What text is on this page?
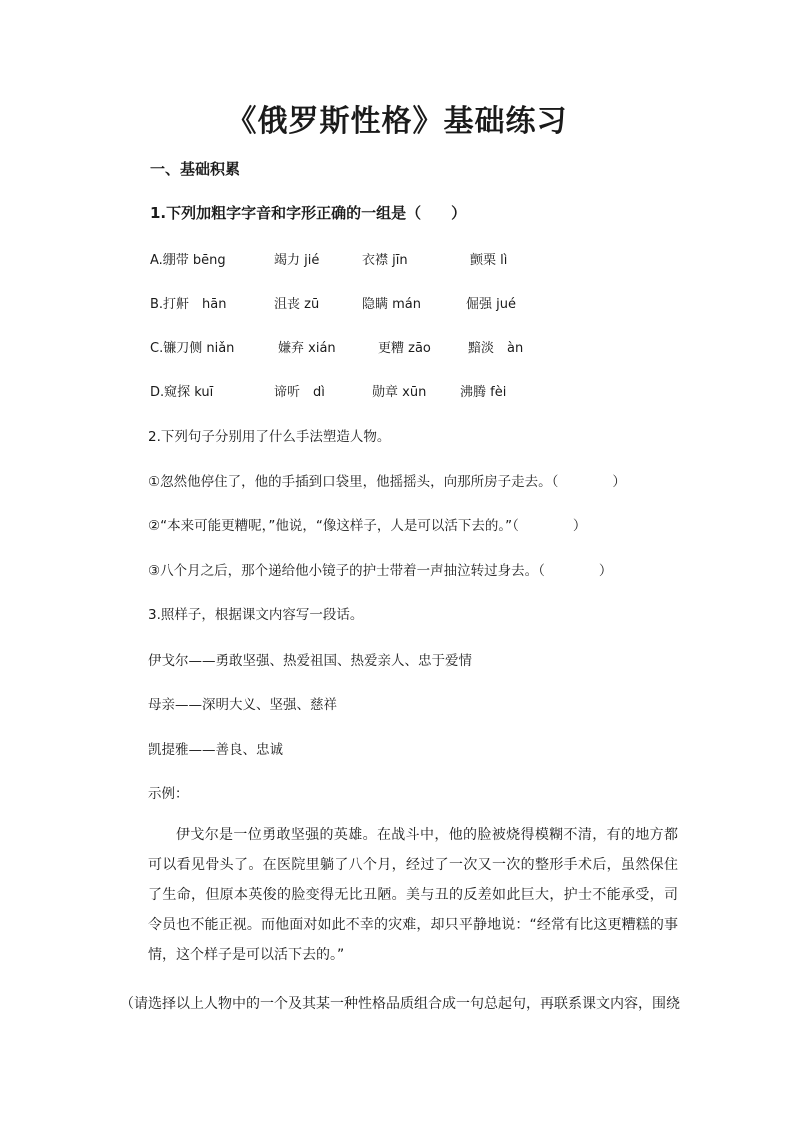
《俄罗斯性格》基础练习
一、基础积累
1.下列加粗字字音和字形正确的一组是（　　）
A.绷带 bēng	竭力 jié	衣襟 jīn	颤栗 lì
B.打鼾　hān	沮丧 zū	隐瞒 mán	倔强 jué
C.镰刀侧 niǎn	嫌弃 xián	更糟 zāo	黯淡　àn
D.窥探 kuī	谛听　dì	勋章 xūn	沸腾 fèi
2.下列句子分别用了什么手法塑造人物。
①忽然他停住了，他的手插到口袋里，他摇摇头，向那所房子走去。（　　　　）
②“本来可能更糟呢，”他说，“像这样子，人是可以活下去的。”（　　　　）
③八个月之后，那个递给他小镜子的护士带着一声抽泣转过身去。（　　　　）
3.照样子，根据课文内容写一段话。
伊戈尔——勇敢坚强、热爱祖国、热爱亲人、忠于爱情
母亲——深明大义、坚强、慈祥
凯提雅——善良、忠诚
示例：
伊戈尔是一位勇敢坚强的英雄。在战斗中，他的脸被烧得模糊不清，有的地方都可以看见骨头了。在医院里躺了八个月，经过了一次又一次的整形手术后，虽然保住了生命，但原本英俊的脸变得无比丑陋。美与丑的反差如此巨大，护士不能承受，司令员也不能正视。而他面对如此不幸的灾难，却只平静地说：“经常有比这更糟糕的事情，这个样子是可以活下去的。”
（请选择以上人物中的一个及其某一种性格品质组合成一句总起句，再联系课文内容，围绕
